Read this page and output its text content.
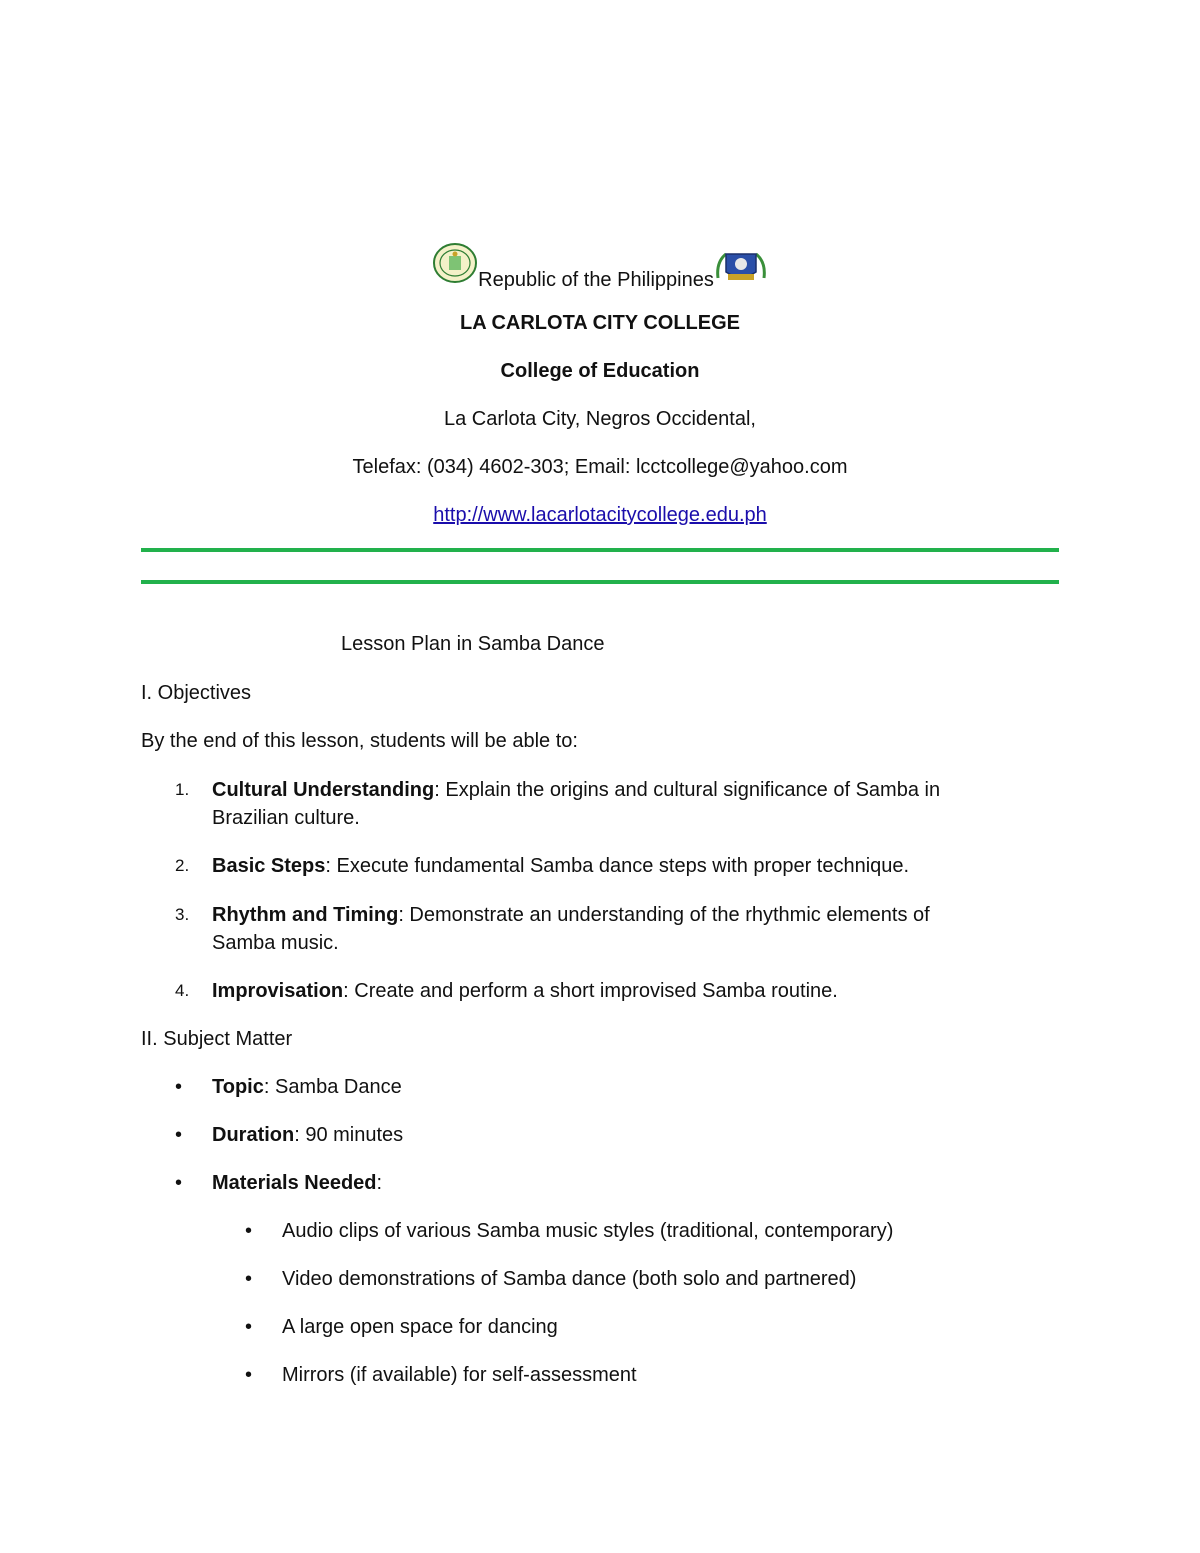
Republic of the Philippines
LA CARLOTA CITY COLLEGE
College of Education
La Carlota City, Negros Occidental,
Telefax: (034) 4602-303; Email: lcctcollege@yahoo.com
http://www.lacarlotacitycollege.edu.ph
Lesson Plan in Samba Dance
I. Objectives
By the end of this lesson, students will be able to:
1.	Cultural Understanding: Explain the origins and cultural significance of Samba in
Brazilian culture.
2.	Basic Steps: Execute fundamental Samba dance steps with proper technique.
3.	Rhythm and Timing: Demonstrate an understanding of the rhythmic elements of
Samba music.
4.	Improvisation: Create and perform a short improvised Samba routine.
II. Subject Matter
• Topic: Samba Dance
• Duration: 90 minutes
• Materials Needed:
• Audio clips of various Samba music styles (traditional, contemporary)
• Video demonstrations of Samba dance (both solo and partnered)
• A large open space for dancing
• Mirrors (if available) for self-assessment
